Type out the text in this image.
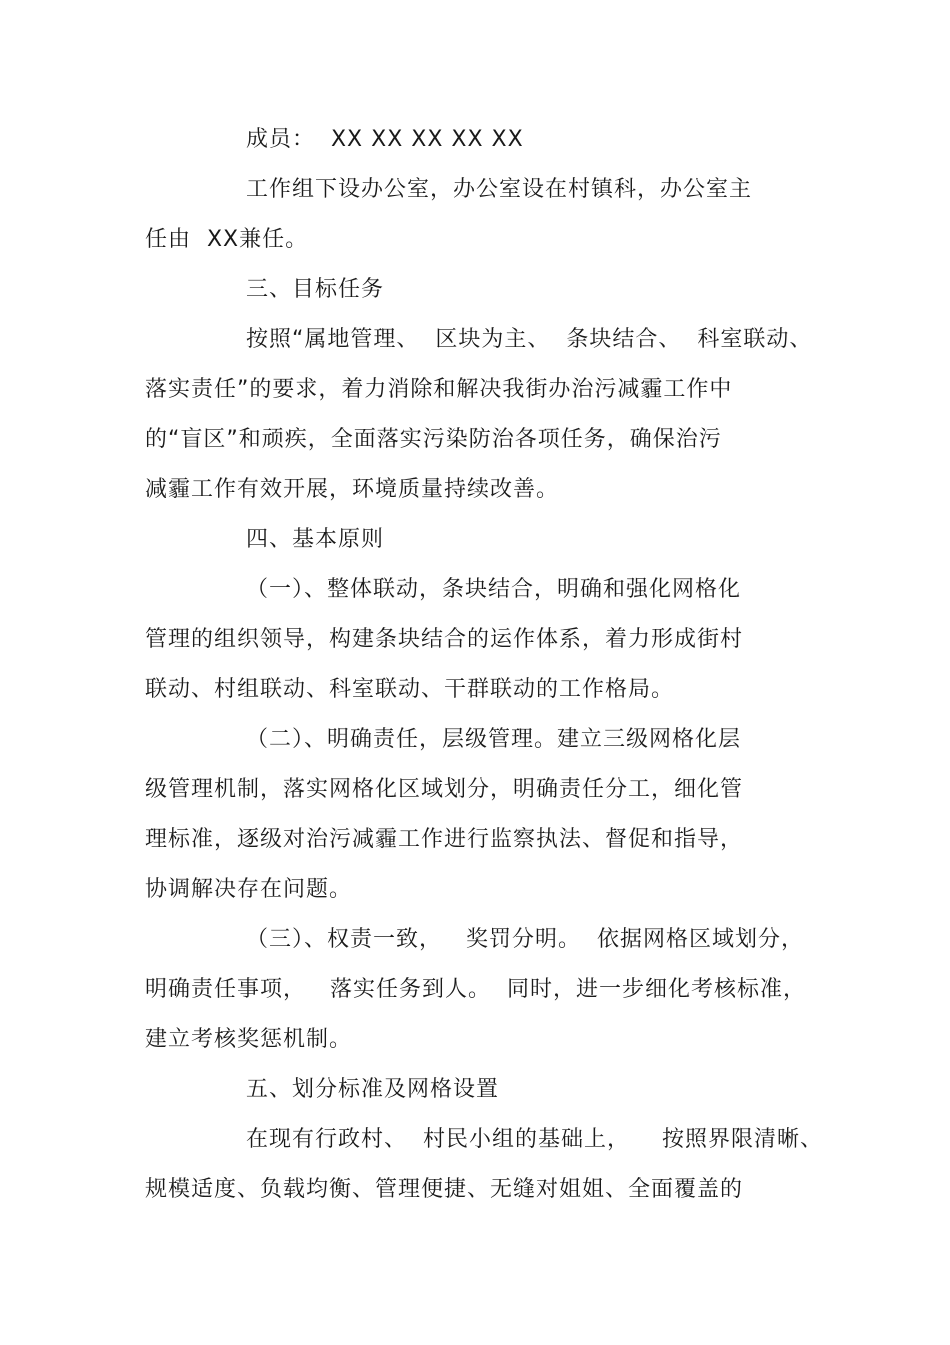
成员：  XX XX XX XX XX
工作组下设办公室，办公室设在村镇科，办公室主
任由  XX兼任。
三、目标任务
按照“属地管理、  区块为主、  条块结合、  科室联动、
落实责任”的要求，着力消除和解决我街办治污减霾工作中
的“盲区”和顽疾，全面落实污染防治各项任务，确保治污
减霾工作有效开展，环境质量持续改善。
四、基本原则
（一）、整体联动，条块结合，明确和强化网格化
管理的组织领导，构建条块结合的运作体系，着力形成街村
联动、村组联动、科室联动、干群联动的工作格局。
（二）、明确责任，层级管理。建立三级网格化层
级管理机制，落实网格化区域划分，明确责任分工，细化管
理标准，逐级对治污减霾工作进行监察执法、督促和指导，
协调解决存在问题。
（三）、权责一致，   奖罚分明。  依据网格区域划分，
明确责任事项，   落实任务到人。  同时，进一步细化考核标准，
建立考核奖惩机制。
五、划分标准及网格设置
在现有行政村、  村民小组的基础上，    按照界限清晰、
规模适度、负载均衡、管理便捷、无缝对姐姐、全面覆盖的
